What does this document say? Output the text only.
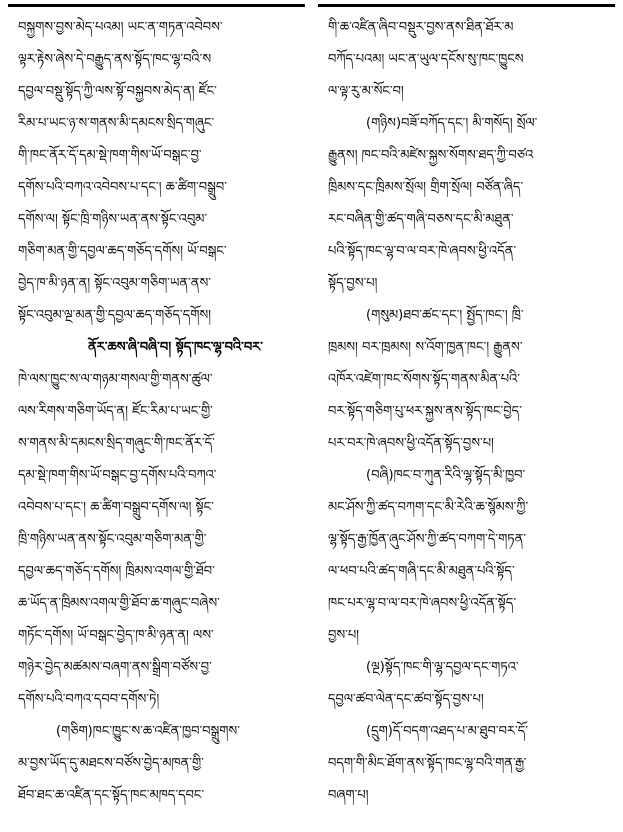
བསྐྱགས་བྱས་མེད་པའམ། ཡང་ན་གཏན་འབེབས་

ལྟར་རྟེས་ཞེས་དེ་བརྒྱུད་ནས་སྟོད་ཁང་ལྷ་བའི་ས

དབྱལ་བསྡུ་སྟོད་ཀྱི་ལས་སྟོ་བསྐྱབས་མེད་ན། ཛོང་

རིམ་པ་ཡང་ཉ་ས་གནས་མི་དམངས་སྲིད་གཞུང་

གི་ཁང་ནོར་དོ་དམ་སྡེ་ཁག་གིས་ཡོ་བསྒང་བྱ་

དགོས་པའི་བཀའ་འབེབས་པ་དང་། ཆ་ཚིག་བསྒྲུབ་

དགོས་ལ། སྟོང་ཁྲི་གཉིས་ཡན་ནས་སྟོང་འབུམ་

གཅིག་མན་གྱི་དབྱལ་ཆད་གཅོད་དགོས། ཡོ་བསྒང་

བྱེད་ཁ་མི་ཉན་ན། སྟོང་འབུམ་གཅིག་ཡན་ནས་

སྟོང་འབུམ་ལྔ་མན་གྱི་དབྱལ་ཆད་གཅོད་དགོས།

ནོར་ཆས་ཞི་བཞི་བ། སྟོད་ཁང་ལྷ་བའི་བར་

ཁེ་ལས་ཁྱུང་ས་ལ་གཉམ་གསལ་གྱི་གནས་ཚུལ་

ལས་རིགས་གཅིག་ཡོད་ན། ཛོང་རིམ་པ་ཡང་གྱི་

ས་གནས་མི་དམངས་སྲིད་གཞུང་གི་ཁང་ནོར་དོ་

དམ་སྡེ་ཁག་གིས་ཡོ་བསྒང་བྱ་དགོས་པའི་བཀའ་

འབེབས་པ་དང་། ཆ་ཚིག་བསྒྲུབ་དགོས་ལ། སྟོང་

ཁྲི་གཉིས་ཡན་ནས་སྟོང་འབུམ་གཅིག་མན་གྱི་

དབྱལ་ཆད་གཅོད་དགོས། ཁྲིམས་འགལ་གྱི་ཐོབ་

ཆ་ཡོད་ན་ཁྲིམས་འགལ་གྱི་ཐོབ་ཆ་གཞུང་བཞེས་

གཏོང་དགོས། ཡོ་བསྒང་བྱེད་ཁ་མི་ཉན་ན། ལས་

གཉེར་བྱེད་མཚམས་བཞག་ནས་སྒྲིག་བཙོས་བྱ་

དགོས་པའི་བཀའ་དབབ་དགོས་ཏེ།

(གཅིག)ཁང་ཁྱུང་ས་ཆ་འཛིན་ཁྱབ་བསྒྲུགས་

མ་བྱས་ཡོད་དུ་མཐངས་བཙོས་བྱེད་མཁན་གྱི་

ཐོབ་ཐང་ཆ་འཛིན་དང་སྟོད་ཁང་མཁད་དབང་

གི་ཆ་འཛིན་ཞིབ་བསྡུར་བྱས་ནས་ཐིན་ཐོར་མ

བཀོད་པའམ། ཡང་ན་ཡུལ་དངོས་སུ་ཁང་ཁྱུངས

ལ་ལྟ་རུ་མ་སོང་བ།

(གཉིས)བཟོ་བཀོད་དང་། མི་གསོད། སྲོལ་

རྒྱུནས། ཁང་བའི་མཛེས་སྐྱས་སོགས་ཐད་ཀྱི་བཙའ

ཁྲིམས་དང་ཁྲིམས་སྲོལ། གྲིག་སྲོལ། བཙོན་ཞིད་

རང་བཞིན་གྱི་ཚད་གཞི་བཅས་དང་མི་མཐུན་

པའི་སྟོད་ཁང་ལྷ་བ་ལ་བར་ཁེ་ཞབས་ཕྱི་འདོན་

སྟོད་བྱས་པ།

(གསུམ)ཐབ་ཚང་དང་། སྤྱོད་ཁང་། ཁྲི་

ཁྲམས། བར་ཁྲམས། ས་འོག་ཁྱན་ཁང་། རྒྱུནས་

འཁོར་འཛེག་ཁང་སོགས་སྟོད་གནས་མིན་པའི་

བར་སྟོད་གཅིག་པུ་ཕར་སྐྱས་ནས་སྟོད་ཁང་བྱེད་

པར་བར་ཁེ་ཞབས་ཕྱི་འདོན་སྟོད་བྱས་པ།

(བཞི)ཁང་བ་ཀུན་རིའི་ལྷ་སྟོད་མི་ཁྱབ་

མང་ཤོས་ཀྱི་ཚད་བཀག་དང་མི་རེའི་ཆ་སྙོམས་ཀྱི་

ལྷ་སྟོད་རྒྱ་ཁྱོན་ཞུང་ཤོས་ཀྱི་ཚད་བཀག་དེ་གཏན་

ལ་ཕབ་པའི་ཚད་གཞི་དང་མི་མཐུན་པའི་སྟོད་

ཁང་པར་ལྷ་བ་ལ་བར་ཁེ་ཞབས་ཕྱི་འདོན་སྟོད་

བྱས་པ།

(ལྔ)སྟོད་ཁང་གི་ལྷ་དབྱལ་དང་གཏའ་

དབྱལ་ཚབ་ལེན་དང་ཚབ་སྟོད་བྱས་པ།

(དྲུག)དོ་བདག་འཐད་པ་མ་ཐུབ་བར་དོ་

བདག་གི་མིང་ཐོག་ནས་སྟོད་ཁང་ལྷ་བའི་གན་རྒྱ་

བཞག་པ།
